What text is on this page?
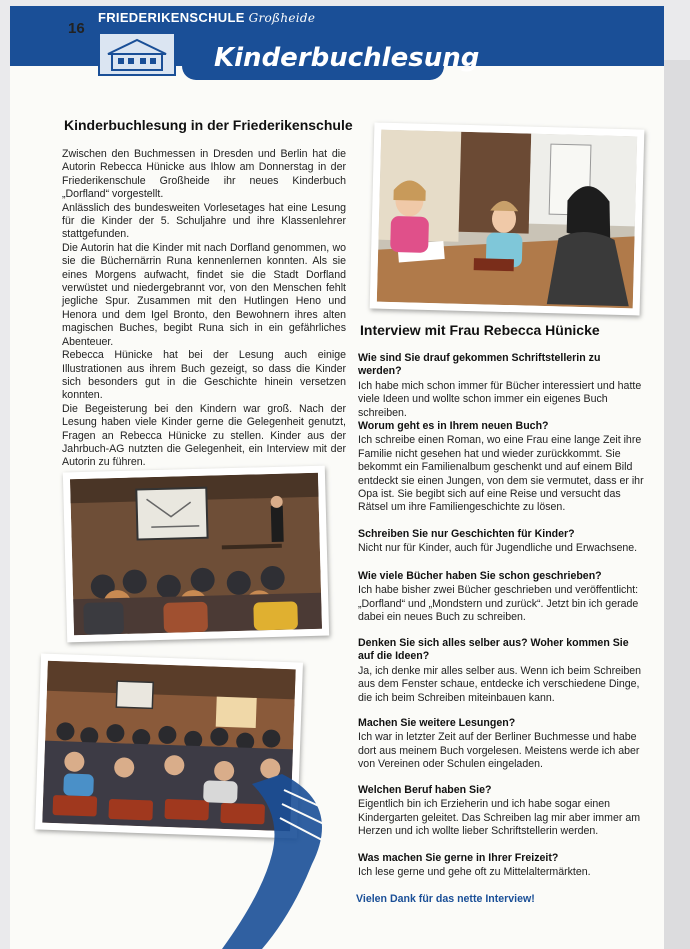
16
FRIEDERIKENSCHULE Großheide
Kinderbuchlesung
Kinderbuchlesung in der Friederikenschule

Zwischen den Buchmessen in Dresden und Berlin hat die Autorin Rebecca Hünicke aus Ihlow am Donnerstag in der Friederikenschule Großheide ihr neues Kinderbuch „Dorfland“ vorgestellt.

Anlässlich des bundesweiten Vorlesetages hat eine Lesung für die Kinder der 5. Schuljahre und ihre Klassenlehrer stattgefunden.

Die Autorin hat die Kinder mit nach Dorfland genommen, wo sie die Büchernärrin Runa kennenlernen konnten. Als sie eines Morgens aufwacht, findet sie die Stadt Dorfland verwüstet und niedergebrannt vor, von den Menschen fehlt jegliche Spur. Zusammen mit den Hutlingen Heno und Henora und dem Igel Bronto, den Bewohnern ihres alten magischen Buches, begibt Runa sich in ein gefährliches Abenteuer.

Rebecca Hünicke hat bei der Lesung auch einige Illustrationen aus ihrem Buch gezeigt, so dass die Kinder sich besonders gut in die Geschichte hinein versetzen konnten.

Die Begeisterung bei den Kindern war groß. Nach der Lesung haben viele Kinder gerne die Gelegenheit genutzt, Fragen an Rebecca Hünicke zu stellen. Kinder aus der Jahrbuch-AG nutzten die Gelegenheit, ein Interview mit der Autorin zu führen.

Interview mit Frau Rebecca Hünicke
Wie sind Sie drauf gekommen Schriftstellerin zu werden?
Ich habe mich schon immer für Bücher interessiert und hatte viele Ideen und wollte schon immer ein eigenes Buch schreiben.
Worum geht es in Ihrem neuen Buch?
Ich schreibe einen Roman, wo eine Frau eine lange Zeit ihre Familie nicht gesehen hat und wieder zurückkommt. Sie bekommt ein Familienalbum geschenkt und auf einem Bild entdeckt sie einen Jungen, von dem sie vermutet, dass er ihr Opa ist. Sie begibt sich auf eine Reise und versucht das Rätsel um ihre Familiengeschichte zu lösen.
Schreiben Sie nur Geschichten für Kinder?
Nicht nur für Kinder, auch für Jugendliche und Erwachsene.
Wie viele Bücher haben Sie schon geschrieben?
Ich habe bisher zwei Bücher geschrieben und veröffentlicht: „Dorfland“ und „Mondstern und zurück“. Jetzt bin ich gerade dabei ein neues Buch zu schreiben.
Denken Sie sich alles selber aus? Woher kommen Sie auf die Ideen?
Ja, ich denke mir alles selber aus. Wenn ich beim Schreiben aus dem Fenster schaue, entdecke ich verschiedene Dinge, die ich beim Schreiben miteinbauen kann.
Machen Sie weitere Lesungen?
Ich war in letzter Zeit auf der Berliner Buchmesse und habe dort aus meinem Buch vorgelesen. Meistens werde ich aber von Vereinen oder Schulen eingeladen.
Welchen Beruf haben Sie?
Eigentlich bin ich Erzieherin und ich habe sogar einen Kindergarten geleitet. Das Schreiben lag mir aber immer am Herzen und ich wollte lieber Schriftstellerin werden.
Was machen Sie gerne in Ihrer Freizeit?
Ich lese gerne und gehe oft zu Mittelaltermärkten.
Vielen Dank für das nette Interview!
